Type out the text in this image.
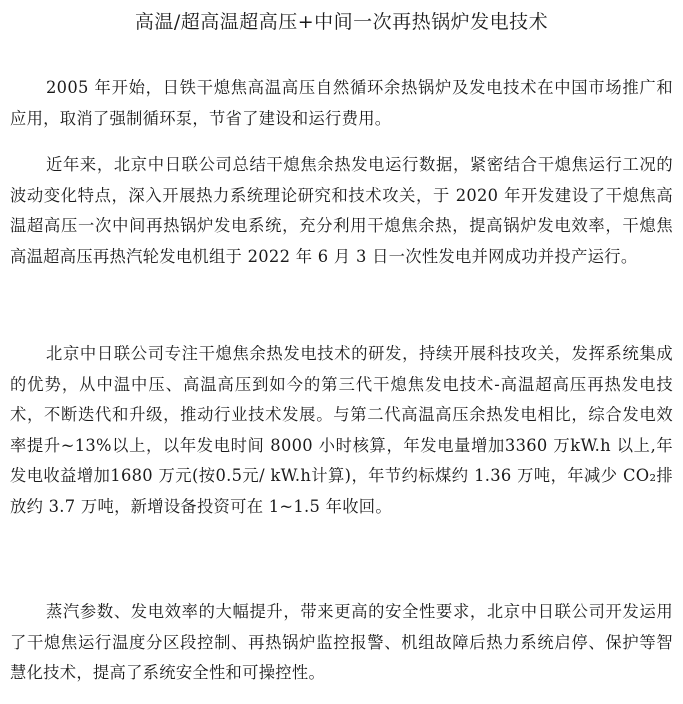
高温/超高温超高压+中间一次再热锅炉发电技术

2005 年开始，日铁干熄焦高温高压自然循环余热锅炉及发电技术在中国市场推广和应用，取消了强制循环泵，节省了建设和运行费用。

近年来，北京中日联公司总结干熄焦余热发电运行数据，紧密结合干熄焦运行工况的波动变化特点，深入开展热力系统理论研究和技术攻关，于 2020 年开发建设了干熄焦高温超高压一次中间再热锅炉发电系统，充分利用干熄焦余热，提高锅炉发电效率，干熄焦高温超高压再热汽轮发电机组于 2022 年 6 月 3 日一次性发电并网成功并投产运行。

北京中日联公司专注干熄焦余热发电技术的研发，持续开展科技攻关，发挥系统集成的优势，从中温中压、高温高压到如今的第三代干熄焦发电技术-高温超高压再热发电技术，不断迭代和升级，推动行业技术发展。与第二代高温高压余热发电相比，综合发电效率提升~13%以上，以年发电时间 8000 小时核算，年发电量增加3360 万kW.h 以上,年发电收益增加1680 万元(按0.5元/ kW.h计算)，年节约标煤约 1.36 万吨，年减少 CO₂排放约 3.7 万吨，新增设备投资可在 1~1.5 年收回。

蒸汽参数、发电效率的大幅提升，带来更高的安全性要求，北京中日联公司开发运用了干熄焦运行温度分区段控制、再热锅炉监控报警、机组故障后热力系统启停、保护等智慧化技术，提高了系统安全性和可操控性。
